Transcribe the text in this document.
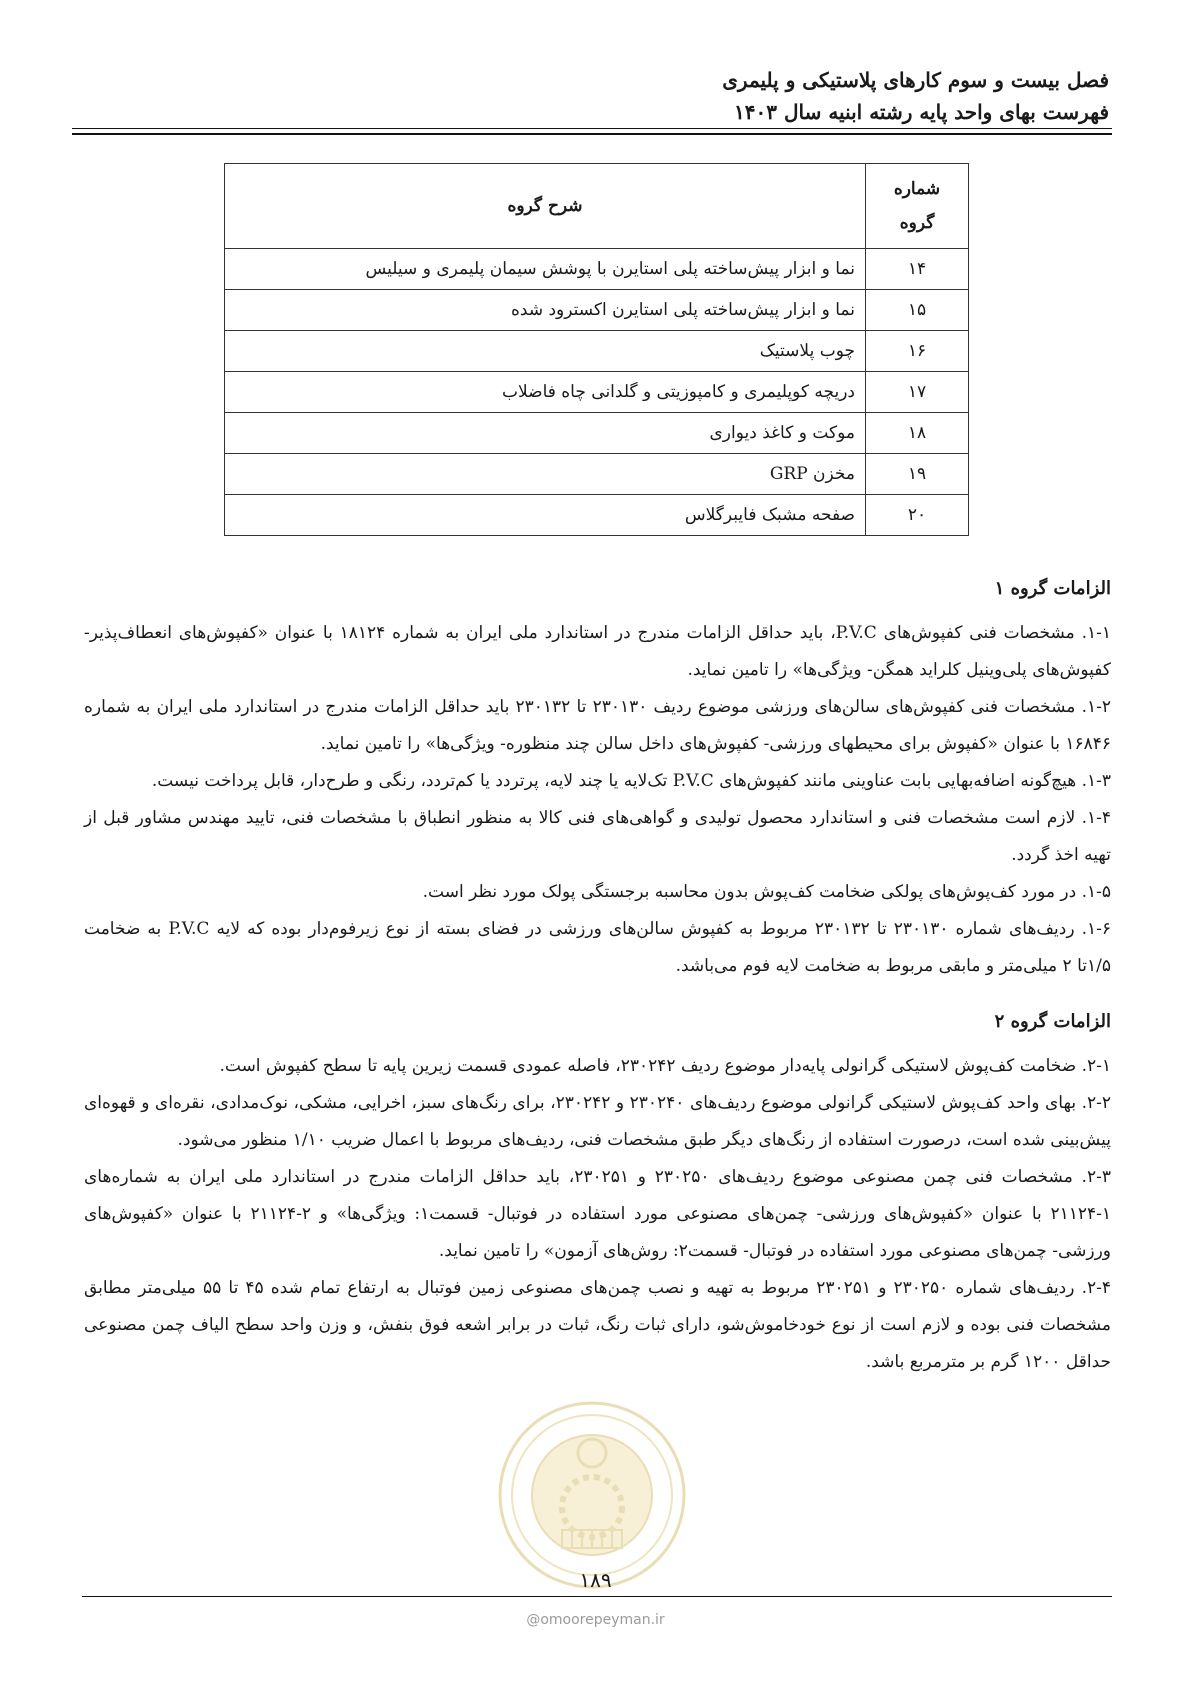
فصل بیست و سوم کارهای پلاستیکی و پلیمری
فهرست بهای واحد پایه رشته ابنیه سال ۱۴۰۳
شماره
گروه	شرح گروه
۱۴	نما و ابزار پیش‌ساخته پلی استایرن با پوشش سیمان پلیمری و سیلیس
۱۵	نما و ابزار پیش‌ساخته پلی استایرن اکسترود شده
۱۶	چوب پلاستیک
۱۷	دریچه کوپلیمری و کامپوزیتی و گلدانی چاه فاضلاب
۱۸	موکت و کاغذ دیواری
۱۹	مخزن GRP
۲۰	صفحه مشبک فایبرگلاس
الزامات گروه ۱

۱-۱. مشخصات فنی کفپوش‌های P.V.C، باید حداقل الزامات مندرج در استاندارد ملی ایران به شماره ۱۸۱۲۴ با عنوان «کفپوش‌های انعطاف‌پذیر- کفپوش‌های پلی‌وینیل کلراید همگن- ویژگی‌ها» را تامین نماید.

۱-۲. مشخصات فنی کفپوش‌های سالن‌های ورزشی موضوع ردیف ۲۳۰۱۳۰ تا ۲۳۰۱۳۲ باید حداقل الزامات مندرج در استاندارد ملی ایران به شماره ۱۶۸۴۶ با عنوان «کفپوش برای محیطهای ورزشی- کفپوش‌های داخل سالن چند منظوره- ویژگی‌ها» را تامین نماید.

۱-۳. هیچ‌گونه اضافه‌بهایی بابت عناوینی مانند کفپوش‌های P.V.C تک‌لایه یا چند لایه، پرتردد یا کم‌تردد، رنگی و طرح‌دار، قابل پرداخت نیست.

۱-۴. لازم است مشخصات فنی و استاندارد محصول تولیدی و گواهی‌های فنی کالا به منظور انطباق با مشخصات فنی، تایید مهندس مشاور قبل از تهیه اخذ گردد.

۱-۵. در مورد کف‌پوش‌های پولکی ضخامت کف‌پوش بدون محاسبه برجستگی پولک مورد نظر است.

۱-۶. ردیف‌های شماره ۲۳۰۱۳۰ تا ۲۳۰۱۳۲ مربوط به کفپوش سالن‌های ورزشی در فضای بسته از نوع زیرفوم‌دار بوده که لایه P.V.C به ضخامت ۱/۵تا ۲ میلی‌متر و مابقی مربوط به ضخامت لایه فوم می‌باشد.

الزامات گروه ۲

۲-۱. ضخامت کف‌پوش لاستیکی گرانولی پایه‌دار موضوع ردیف ۲۳۰۲۴۲، فاصله عمودی قسمت زیرین پایه تا سطح کفپوش است.

۲-۲. بهای واحد کف‌پوش لاستیکی گرانولی موضوع ردیف‌های ۲۳۰۲۴۰ و ۲۳۰۲۴۲، برای رنگ‌های سبز، اخرایی، مشکی، نوک‌مدادی، نقره‌ای و قهوه‌ای پیش‌بینی شده است، درصورت استفاده از رنگ‌های دیگر طبق مشخصات فنی، ردیف‌های مربوط با اعمال ضریب ۱/۱۰ منظور می‌شود.

۲-۳. مشخصات فنی چمن مصنوعی موضوع ردیف‌های ۲۳۰۲۵۰ و ۲۳۰۲۵۱، باید حداقل الزامات مندرج در استاندارد ملی ایران به شماره‌های ۱-۲۱۱۲۴ با عنوان «کفپوش‌های ورزشی- چمن‌های مصنوعی مورد استفاده در فوتبال- قسمت۱: ویژگی‌ها» و ۲-۲۱۱۲۴ با عنوان «کفپوش‌های ورزشی- چمن‌های مصنوعی مورد استفاده در فوتبال- قسمت۲: روش‌های آزمون» را تامین نماید.

۲-۴. ردیف‌های شماره ۲۳۰۲۵۰ و ۲۳۰۲۵۱ مربوط به تهیه و نصب چمن‌های مصنوعی زمین فوتبال به ارتفاع تمام شده ۴۵ تا ۵۵ میلی‌متر مطابق مشخصات فنی بوده و لازم است از نوع خودخاموش‌شو، دارای ثبات رنگ، ثبات در برابر اشعه فوق بنفش، و وزن واحد سطح الیاف چمن مصنوعی حداقل ۱۲۰۰ گرم بر مترمربع باشد.

۱۸۹
@omoorepeyman.ir
